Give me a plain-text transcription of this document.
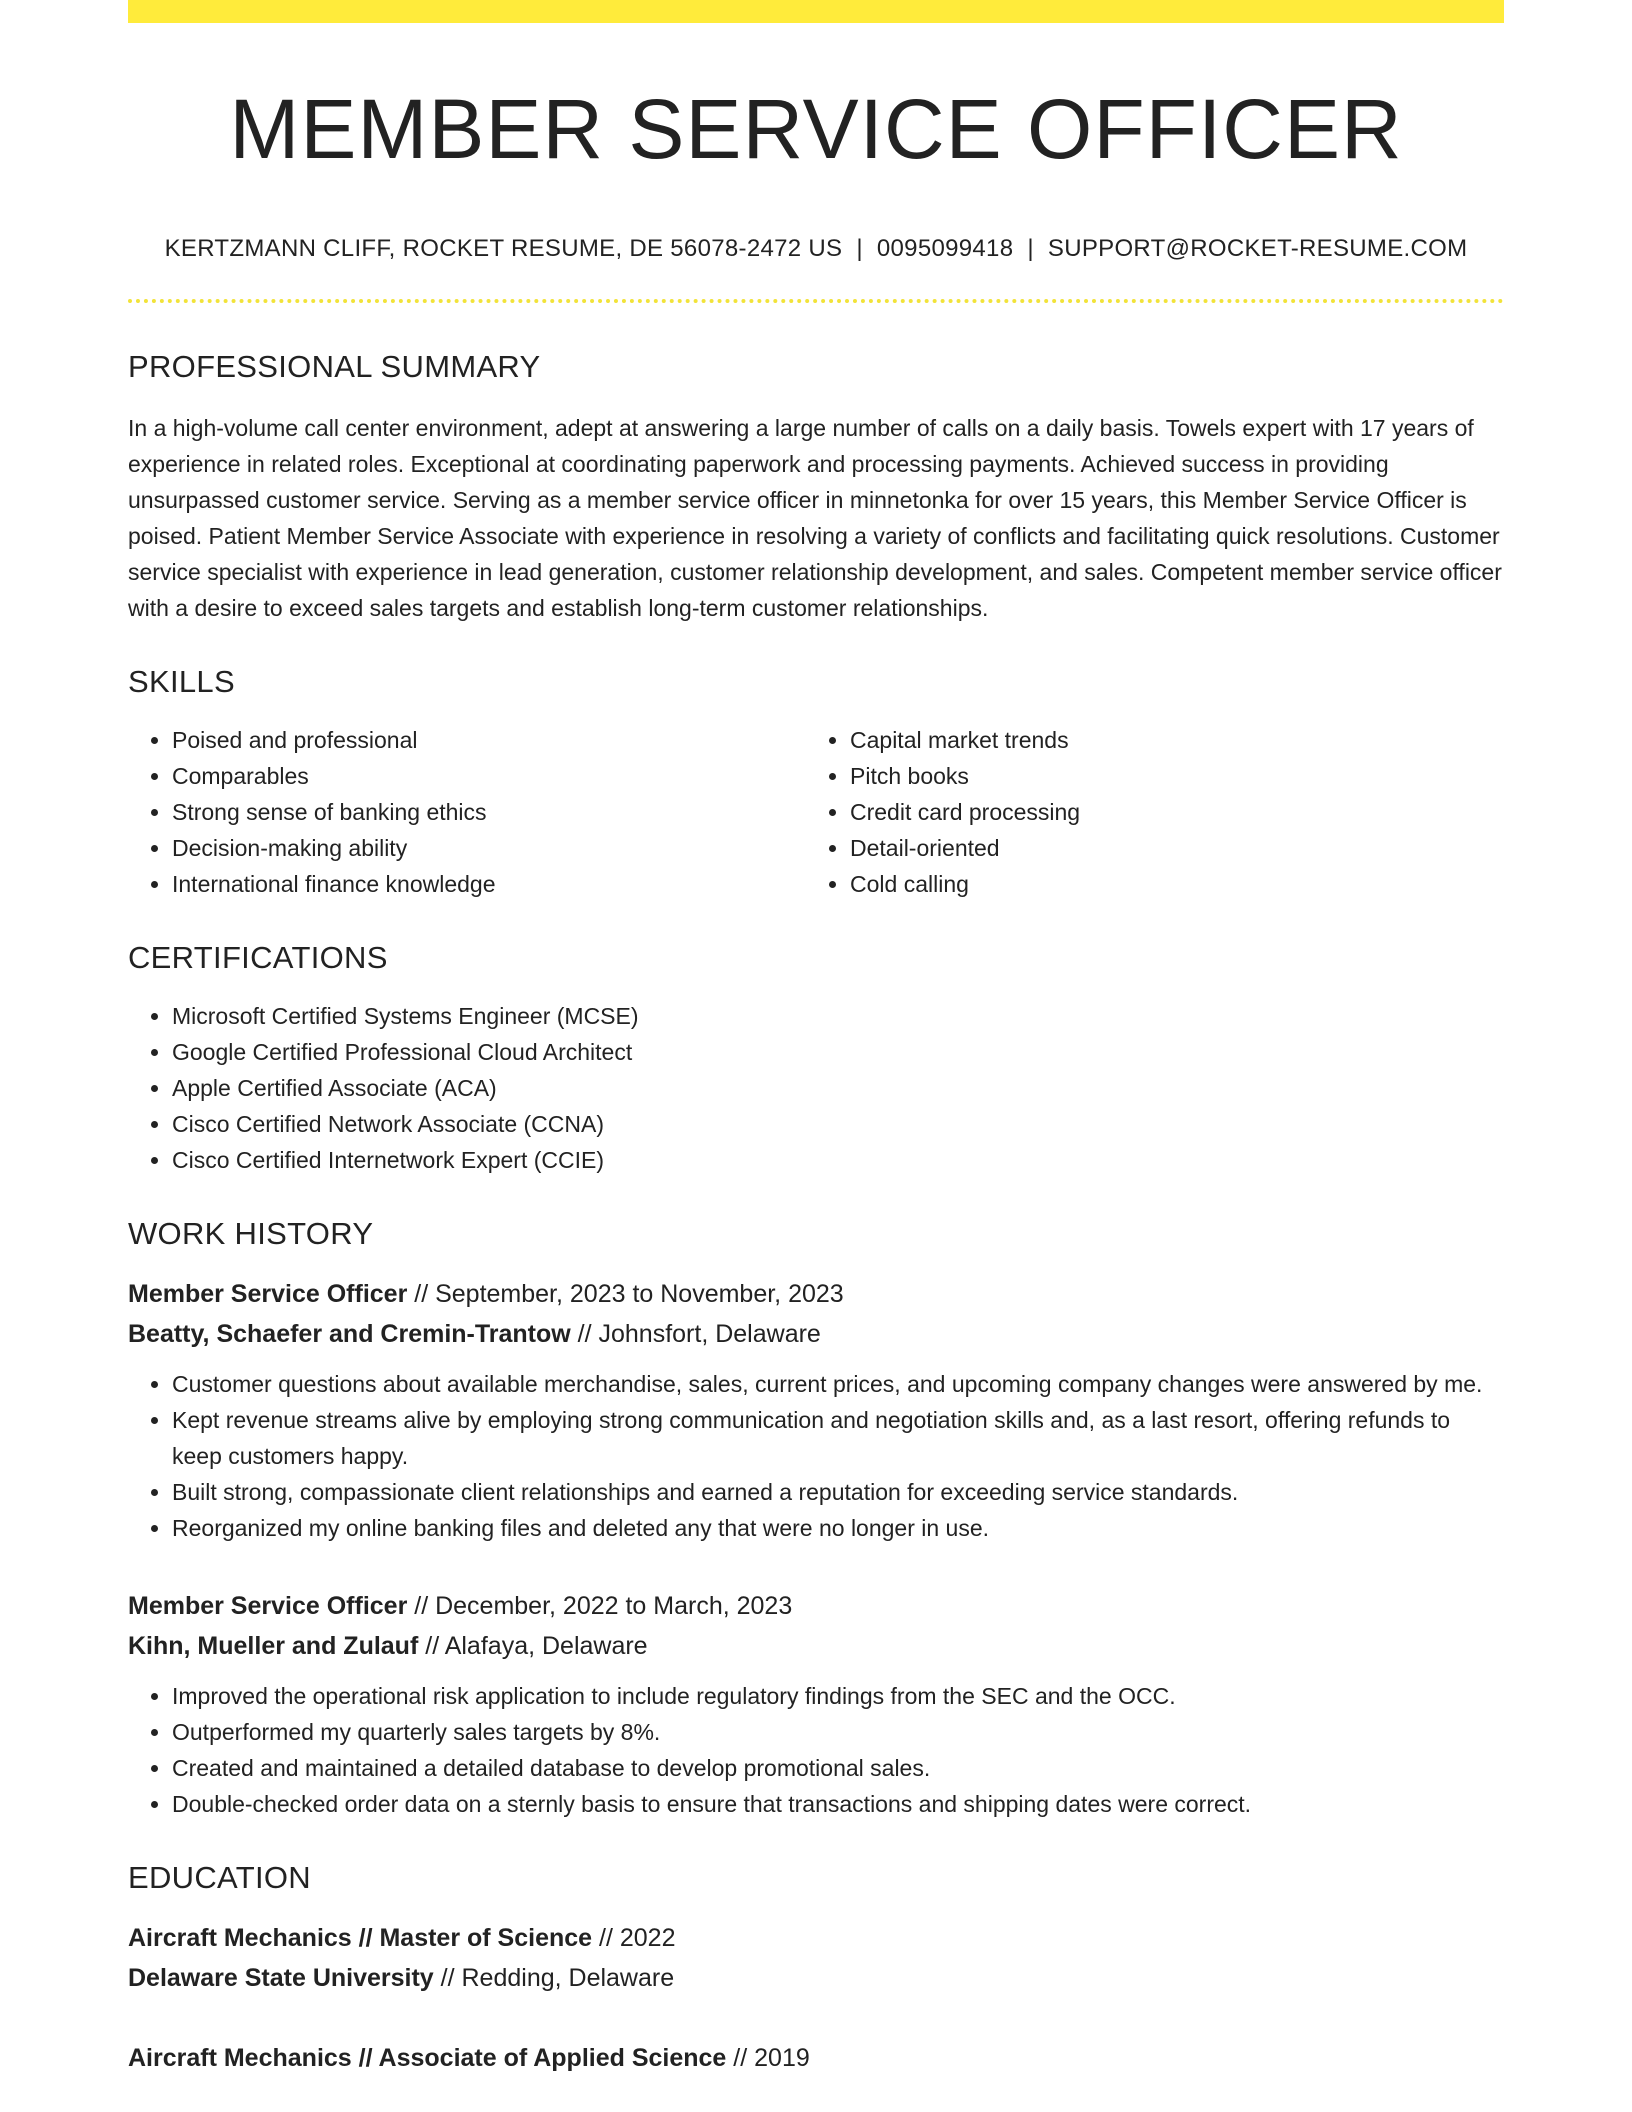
MEMBER SERVICE OFFICER
KERTZMANN CLIFF, ROCKET RESUME, DE 56078-2472 US | 0095099418 | SUPPORT@ROCKET-RESUME.COM
PROFESSIONAL SUMMARY
In a high-volume call center environment, adept at answering a large number of calls on a daily basis. Towels expert with 17 years of experience in related roles. Exceptional at coordinating paperwork and processing payments. Achieved success in providing unsurpassed customer service. Serving as a member service officer in minnetonka for over 15 years, this Member Service Officer is poised. Patient Member Service Associate with experience in resolving a variety of conflicts and facilitating quick resolutions. Customer service specialist with experience in lead generation, customer relationship development, and sales. Competent member service officer with a desire to exceed sales targets and establish long-term customer relationships.
SKILLS
• Poised and professional
• Comparables
• Strong sense of banking ethics
• Decision-making ability
• International finance knowledge
• Capital market trends
• Pitch books
• Credit card processing
• Detail-oriented
• Cold calling
CERTIFICATIONS
• Microsoft Certified Systems Engineer (MCSE)
• Google Certified Professional Cloud Architect
• Apple Certified Associate (ACA)
• Cisco Certified Network Associate (CCNA)
• Cisco Certified Internetwork Expert (CCIE)
WORK HISTORY
Member Service Officer // September, 2023 to November, 2023
Beatty, Schaefer and Cremin-Trantow // Johnsfort, Delaware
• Customer questions about available merchandise, sales, current prices, and upcoming company changes were answered by me.
• Kept revenue streams alive by employing strong communication and negotiation skills and, as a last resort, offering refunds to keep customers happy.
• Built strong, compassionate client relationships and earned a reputation for exceeding service standards.
• Reorganized my online banking files and deleted any that were no longer in use.
Member Service Officer // December, 2022 to March, 2023
Kihn, Mueller and Zulauf // Alafaya, Delaware
• Improved the operational risk application to include regulatory findings from the SEC and the OCC.
• Outperformed my quarterly sales targets by 8%.
• Created and maintained a detailed database to develop promotional sales.
• Double-checked order data on a sternly basis to ensure that transactions and shipping dates were correct.
EDUCATION
Aircraft Mechanics // Master of Science // 2022
Delaware State University // Redding, Delaware
Aircraft Mechanics // Associate of Applied Science // 2019
